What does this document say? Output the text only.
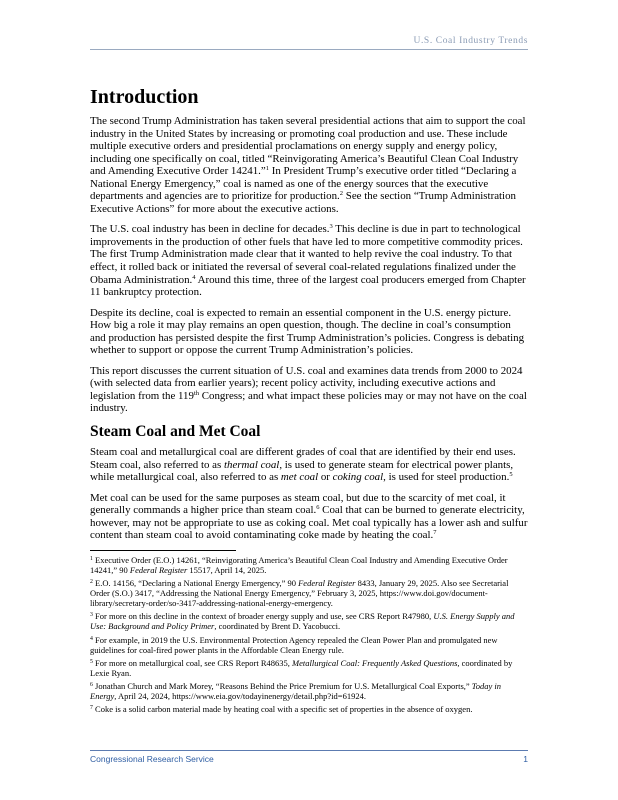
U.S. Coal Industry Trends
Introduction

The second Trump Administration has taken several presidential actions that aim to support the coal industry in the United States by increasing or promoting coal production and use. These include multiple executive orders and presidential proclamations on energy supply and energy policy, including one specifically on coal, titled “Reinvigorating America’s Beautiful Clean Coal Industry and Amending Executive Order 14241.”$^1$ In President Trump’s executive order titled “Declaring a National Energy Emergency,” coal is named as one of the energy sources that the executive departments and agencies are to prioritize for production.$^2$ See the section “Trump Administration Executive Actions” for more about the executive actions.

The U.S. coal industry has been in decline for decades.$^3$ This decline is due in part to technological improvements in the production of other fuels that have led to more competitive commodity prices. The first Trump Administration made clear that it wanted to help revive the coal industry. To that effect, it rolled back or initiated the reversal of several coal-related regulations finalized under the Obama Administration.$^4$ Around this time, three of the largest coal producers emerged from Chapter 11 bankruptcy protection.

Despite its decline, coal is expected to remain an essential component in the U.S. energy picture. How big a role it may play remains an open question, though. The decline in coal’s consumption and production has persisted despite the first Trump Administration’s policies. Congress is debating whether to support or oppose the current Trump Administration’s policies.

This report discusses the current situation of U.S. coal and examines data trends from 2000 to 2024 (with selected data from earlier years); recent policy activity, including executive actions and legislation from the 119th Congress; and what impact these policies may or may not have on the coal industry.

Steam Coal and Met Coal

Steam coal and metallurgical coal are different grades of coal that are identified by their end uses. Steam coal, also referred to as thermal coal, is used to generate steam for electrical power plants, while metallurgical coal, also referred to as met coal or coking coal, is used for steel production.$^5$

Met coal can be used for the same purposes as steam coal, but due to the scarcity of met coal, it generally commands a higher price than steam coal.$^6$ Coal that can be burned to generate electricity, however, may not be appropriate to use as coking coal. Met coal typically has a lower ash and sulfur content than steam coal to avoid contaminating coke made by heating the coal.$^7$

$^1$ Executive Order (E.O.) 14261, “Reinvigorating America’s Beautiful Clean Coal Industry and Amending Executive Order 14241,” 90 Federal Register 15517, April 14, 2025.
$^2$ E.O. 14156, “Declaring a National Energy Emergency,” 90 Federal Register 8433, January 29, 2025. Also see Secretarial Order (S.O.) 3417, “Addressing the National Energy Emergency,” February 3, 2025, https://www.doi.gov/document-library/secretary-order/so-3417-addressing-national-energy-emergency.
$^3$ For more on this decline in the context of broader energy supply and use, see CRS Report R47980, U.S. Energy Supply and Use: Background and Policy Primer, coordinated by Brent D. Yacobucci.
$^4$ For example, in 2019 the U.S. Environmental Protection Agency repealed the Clean Power Plan and promulgated new guidelines for coal-fired power plants in the Affordable Clean Energy rule.
$^5$ For more on metallurgical coal, see CRS Report R48635, Metallurgical Coal: Frequently Asked Questions, coordinated by Lexie Ryan.
$^6$ Jonathan Church and Mark Morey, “Reasons Behind the Price Premium for U.S. Metallurgical Coal Exports,” Today in Energy, April 24, 2024, https://www.eia.gov/todayinenergy/detail.php?id=61924.
$^7$ Coke is a solid carbon material made by heating coal with a specific set of properties in the absence of oxygen.
Congressional Research Service	1
